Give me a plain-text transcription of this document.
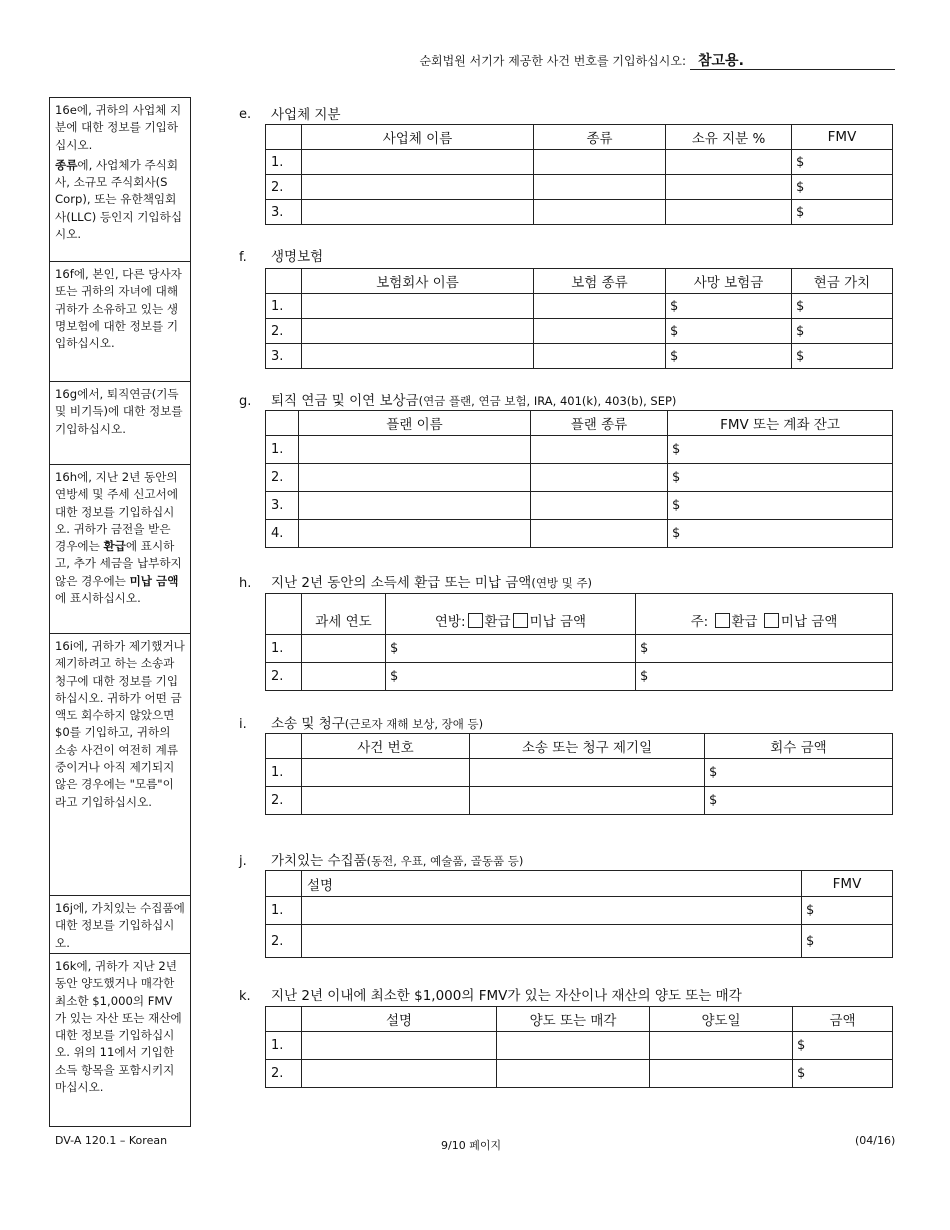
순회법원 서기가 제공한 사건 번호를 기입하십시오: 참고용.

16e에, 귀하의 사업체 지분에 대한 정보를 기입하십시오.

종류에, 사업체가 주식회사, 소규모 주식회사(S Corp), 또는 유한책임회사(LLC) 등인지 기입하십시오.

16f에, 본인, 다른 당사자 또는 귀하의 자녀에 대해 귀하가 소유하고 있는 생명보험에 대한 정보를 기입하십시오.

16g에서, 퇴직연금(기득 및 비기득)에 대한 정보를 기입하십시오.

16h에, 지난 2년 동안의 연방세 및 주세 신고서에 대한 정보를 기입하십시오. 귀하가 금전을 받은 경우에는 환급에 표시하고, 추가 세금을 납부하지 않은 경우에는 미납 금액에 표시하십시오.

16i에, 귀하가 제기했거나 제기하려고 하는 소송과 청구에 대한 정보를 기입하십시오. 귀하가 어떤 금액도 회수하지 않았으면 $0를 기입하고, 귀하의 소송 사건이 여전히 계류 중이거나 아직 제기되지 않은 경우에는 "모름"이라고 기입하십시오.

16j에, 가치있는 수집품에 대한 정보를 기입하십시오.

16k에, 귀하가 지난 2년 동안 양도했거나 매각한 최소한 $1,000의 FMV 가 있는 자산 또는 재산에 대한 정보를 기입하십시오. 위의 11에서 기입한 소득 항목을 포함시키지 마십시오.

e. 사업체 지분
	사업체 이름	종류	소유 지분 %	FMV
1.				$
2.				$
3.				$
f. 생명보험
	보험회사 이름	보험 종류	사망 보험금	현금 가치
1.			$	$
2.			$	$
3.			$	$
g. 퇴직 연금 및 이연 보상금(연금 플랜, 연금 보험, IRA, 401(k), 403(b), SEP)
	플랜 이름	플랜 종류	FMV 또는 계좌 잔고
1.			$
2.			$
3.			$
4.			$
h. 지난 2년 동안의 소득세 환급 또는 미납 금액(연방 및 주)
	과세 연도	연방: 환급 미납 금액	주: 환급 미납 금액
1.		$	$
2.		$	$
i. 소송 및 청구(근로자 재해 보상, 장애 등)
	사건 번호	소송 또는 청구 제기일	회수 금액
1.			$
2.			$
j. 가치있는 수집품(동전, 우표, 예술품, 골동품 등)
	설명	FMV
1.		$
2.		$
k. 지난 2년 이내에 최소한 $1,000의 FMV가 있는 자산이나 재산의 양도 또는 매각
	설명	양도 또는 매각	양도일	금액
1.				$
2.				$
DV-A 120.1 – Korean	9/10 페이지	(04/16)
